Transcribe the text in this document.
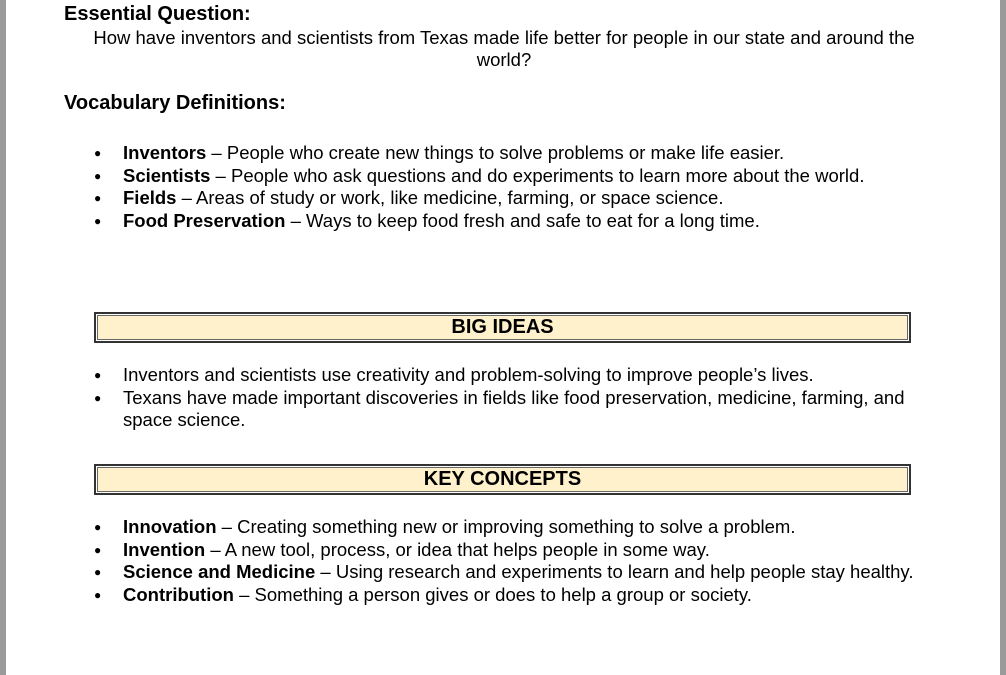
Essential Question:
How have inventors and scientists from Texas made life better for people in our state and around the world?
Vocabulary Definitions:
● Inventors – People who create new things to solve problems or make life easier.
● Scientists – People who ask questions and do experiments to learn more about the world.
● Fields – Areas of study or work, like medicine, farming, or space science.
● Food Preservation – Ways to keep food fresh and safe to eat for a long time.
BIG IDEAS
● Inventors and scientists use creativity and problem-solving to improve people’s lives.
● Texans have made important discoveries in fields like food preservation, medicine, farming, and space science.
KEY CONCEPTS
● Innovation – Creating something new or improving something to solve a problem.
● Invention – A new tool, process, or idea that helps people in some way.
● Science and Medicine – Using research and experiments to learn and help people stay healthy.
● Contribution – Something a person gives or does to help a group or society.
